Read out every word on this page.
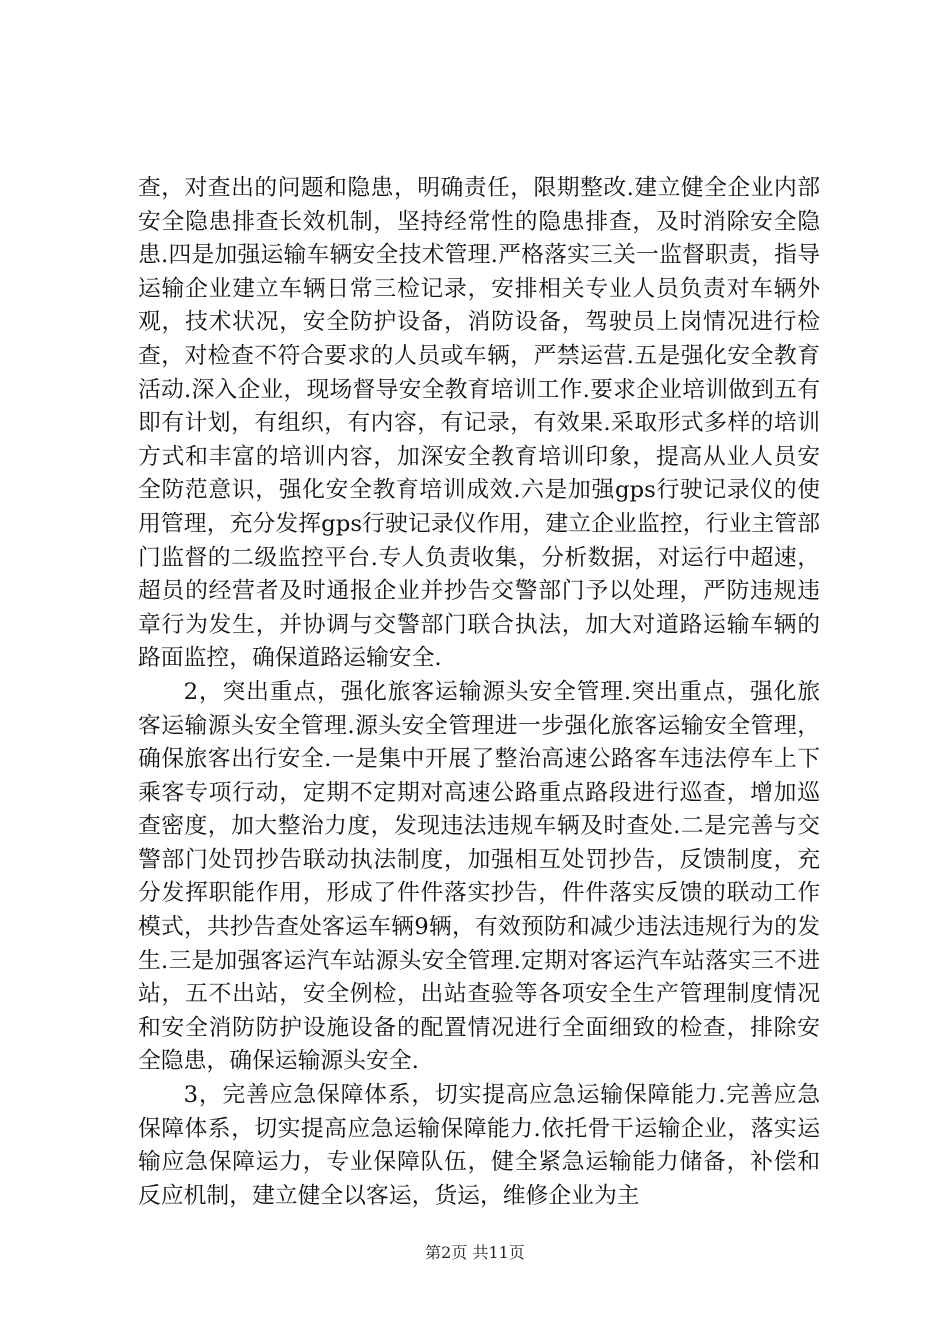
查，对查出的问题和隐患，明确责任，限期整改.建立健全企业内部安全隐患排查长效机制，坚持经常性的隐患排查，及时消除安全隐患.四是加强运输车辆安全技术管理.严格落实三关一监督职责，指导运输企业建立车辆日常三检记录，安排相关专业人员负责对车辆外观，技术状况，安全防护设备，消防设备，驾驶员上岗情况进行检查，对检查不符合要求的人员或车辆，严禁运营.五是强化安全教育活动.深入企业，现场督导安全教育培训工作.要求企业培训做到五有即有计划，有组织，有内容，有记录，有效果.采取形式多样的培训方式和丰富的培训内容，加深安全教育培训印象，提高从业人员安全防范意识，强化安全教育培训成效.六是加强gps行驶记录仪的使用管理，充分发挥gps行驶记录仪作用，建立企业监控，行业主管部门监督的二级监控平台.专人负责收集，分析数据，对运行中超速，超员的经营者及时通报企业并抄告交警部门予以处理，严防违规违章行为发生，并协调与交警部门联合执法，加大对道路运输车辆的路面监控，确保道路运输安全.

2，突出重点，强化旅客运输源头安全管理.突出重点，强化旅客运输源头安全管理.源头安全管理进一步强化旅客运输安全管理，确保旅客出行安全.一是集中开展了整治高速公路客车违法停车上下乘客专项行动，定期不定期对高速公路重点路段进行巡查，增加巡查密度，加大整治力度，发现违法违规车辆及时查处.二是完善与交警部门处罚抄告联动执法制度，加强相互处罚抄告，反馈制度，充分发挥职能作用，形成了件件落实抄告，件件落实反馈的联动工作模式，共抄告查处客运车辆9辆，有效预防和减少违法违规行为的发生.三是加强客运汽车站源头安全管理.定期对客运汽车站落实三不进站，五不出站，安全例检，出站查验等各项安全生产管理制度情况和安全消防防护设施设备的配置情况进行全面细致的检查，排除安全隐患，确保运输源头安全.

3，完善应急保障体系，切实提高应急运输保障能力.完善应急保障体系，切实提高应急运输保障能力.依托骨干运输企业，落实运输应急保障运力，专业保障队伍，健全紧急运输能力储备，补偿和反应机制，建立健全以客运，货运，维修企业为主

第2页 共11页
